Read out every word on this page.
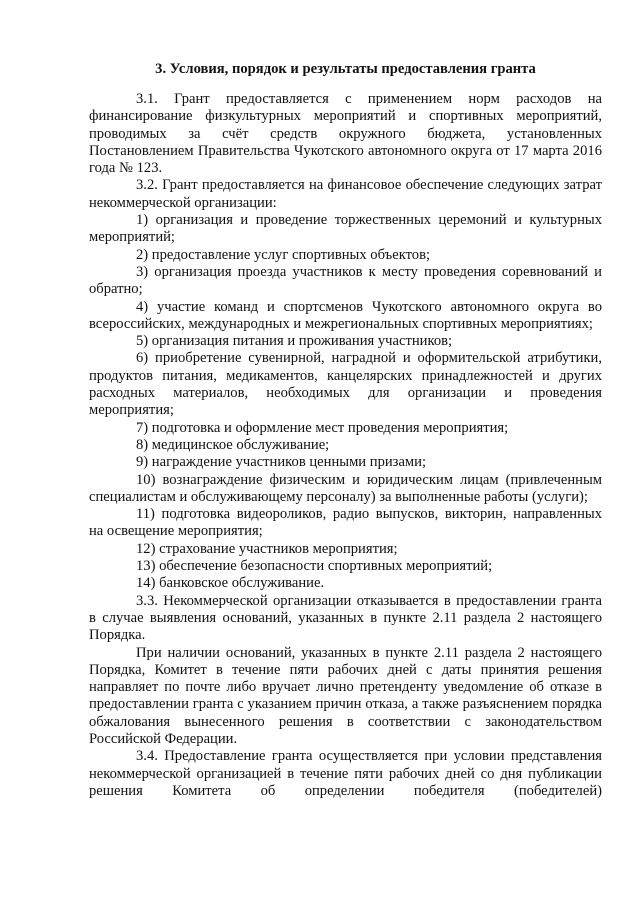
3. Условия, порядок и результаты предоставления гранта

3.1. Грант предоставляется с применением норм расходов на финансирование физкультурных мероприятий и спортивных мероприятий, проводимых за счёт средств окружного бюджета, установленных Постановлением Правительства Чукотского автономного округа от 17 марта 2016 года № 123.

3.2. Грант предоставляется на финансовое обеспечение следующих затрат некоммерческой организации:

1) организация и проведение торжественных церемоний и культурных мероприятий;

2) предоставление услуг спортивных объектов;

3) организация проезда участников к месту проведения соревнований и обратно;

4) участие команд и спортсменов Чукотского автономного округа во всероссийских, международных и межрегиональных спортивных мероприятиях;

5) организация питания и проживания участников;

6) приобретение сувенирной, наградной и оформительской атрибутики, продуктов питания, медикаментов, канцелярских принадлежностей и других расходных материалов, необходимых для организации и проведения мероприятия;

7) подготовка и оформление мест проведения мероприятия;

8) медицинское обслуживание;

9) награждение участников ценными призами;

10) вознаграждение физическим и юридическим лицам (привлеченным специалистам и обслуживающему персоналу) за выполненные работы (услуги);

11) подготовка видеороликов, радио выпусков, викторин, направленных на освещение мероприятия;

12) страхование участников мероприятия;

13) обеспечение безопасности спортивных мероприятий;

14) банковское обслуживание.

3.3. Некоммерческой организации отказывается в предоставлении гранта в случае выявления оснований, указанных в пункте 2.11 раздела 2 настоящего Порядка.

При наличии оснований, указанных в пункте 2.11 раздела 2 настоящего Порядка, Комитет в течение пяти рабочих дней с даты принятия решения направляет по почте либо вручает лично претенденту уведомление об отказе в предоставлении гранта с указанием причин отказа, а также разъяснением порядка обжалования вынесенного решения в соответствии с законодательством Российской Федерации.

3.4. Предоставление гранта осуществляется при условии представления некоммерческой организацией в течение пяти рабочих дней со дня публикации решения Комитета об определении победителя (победителей)
